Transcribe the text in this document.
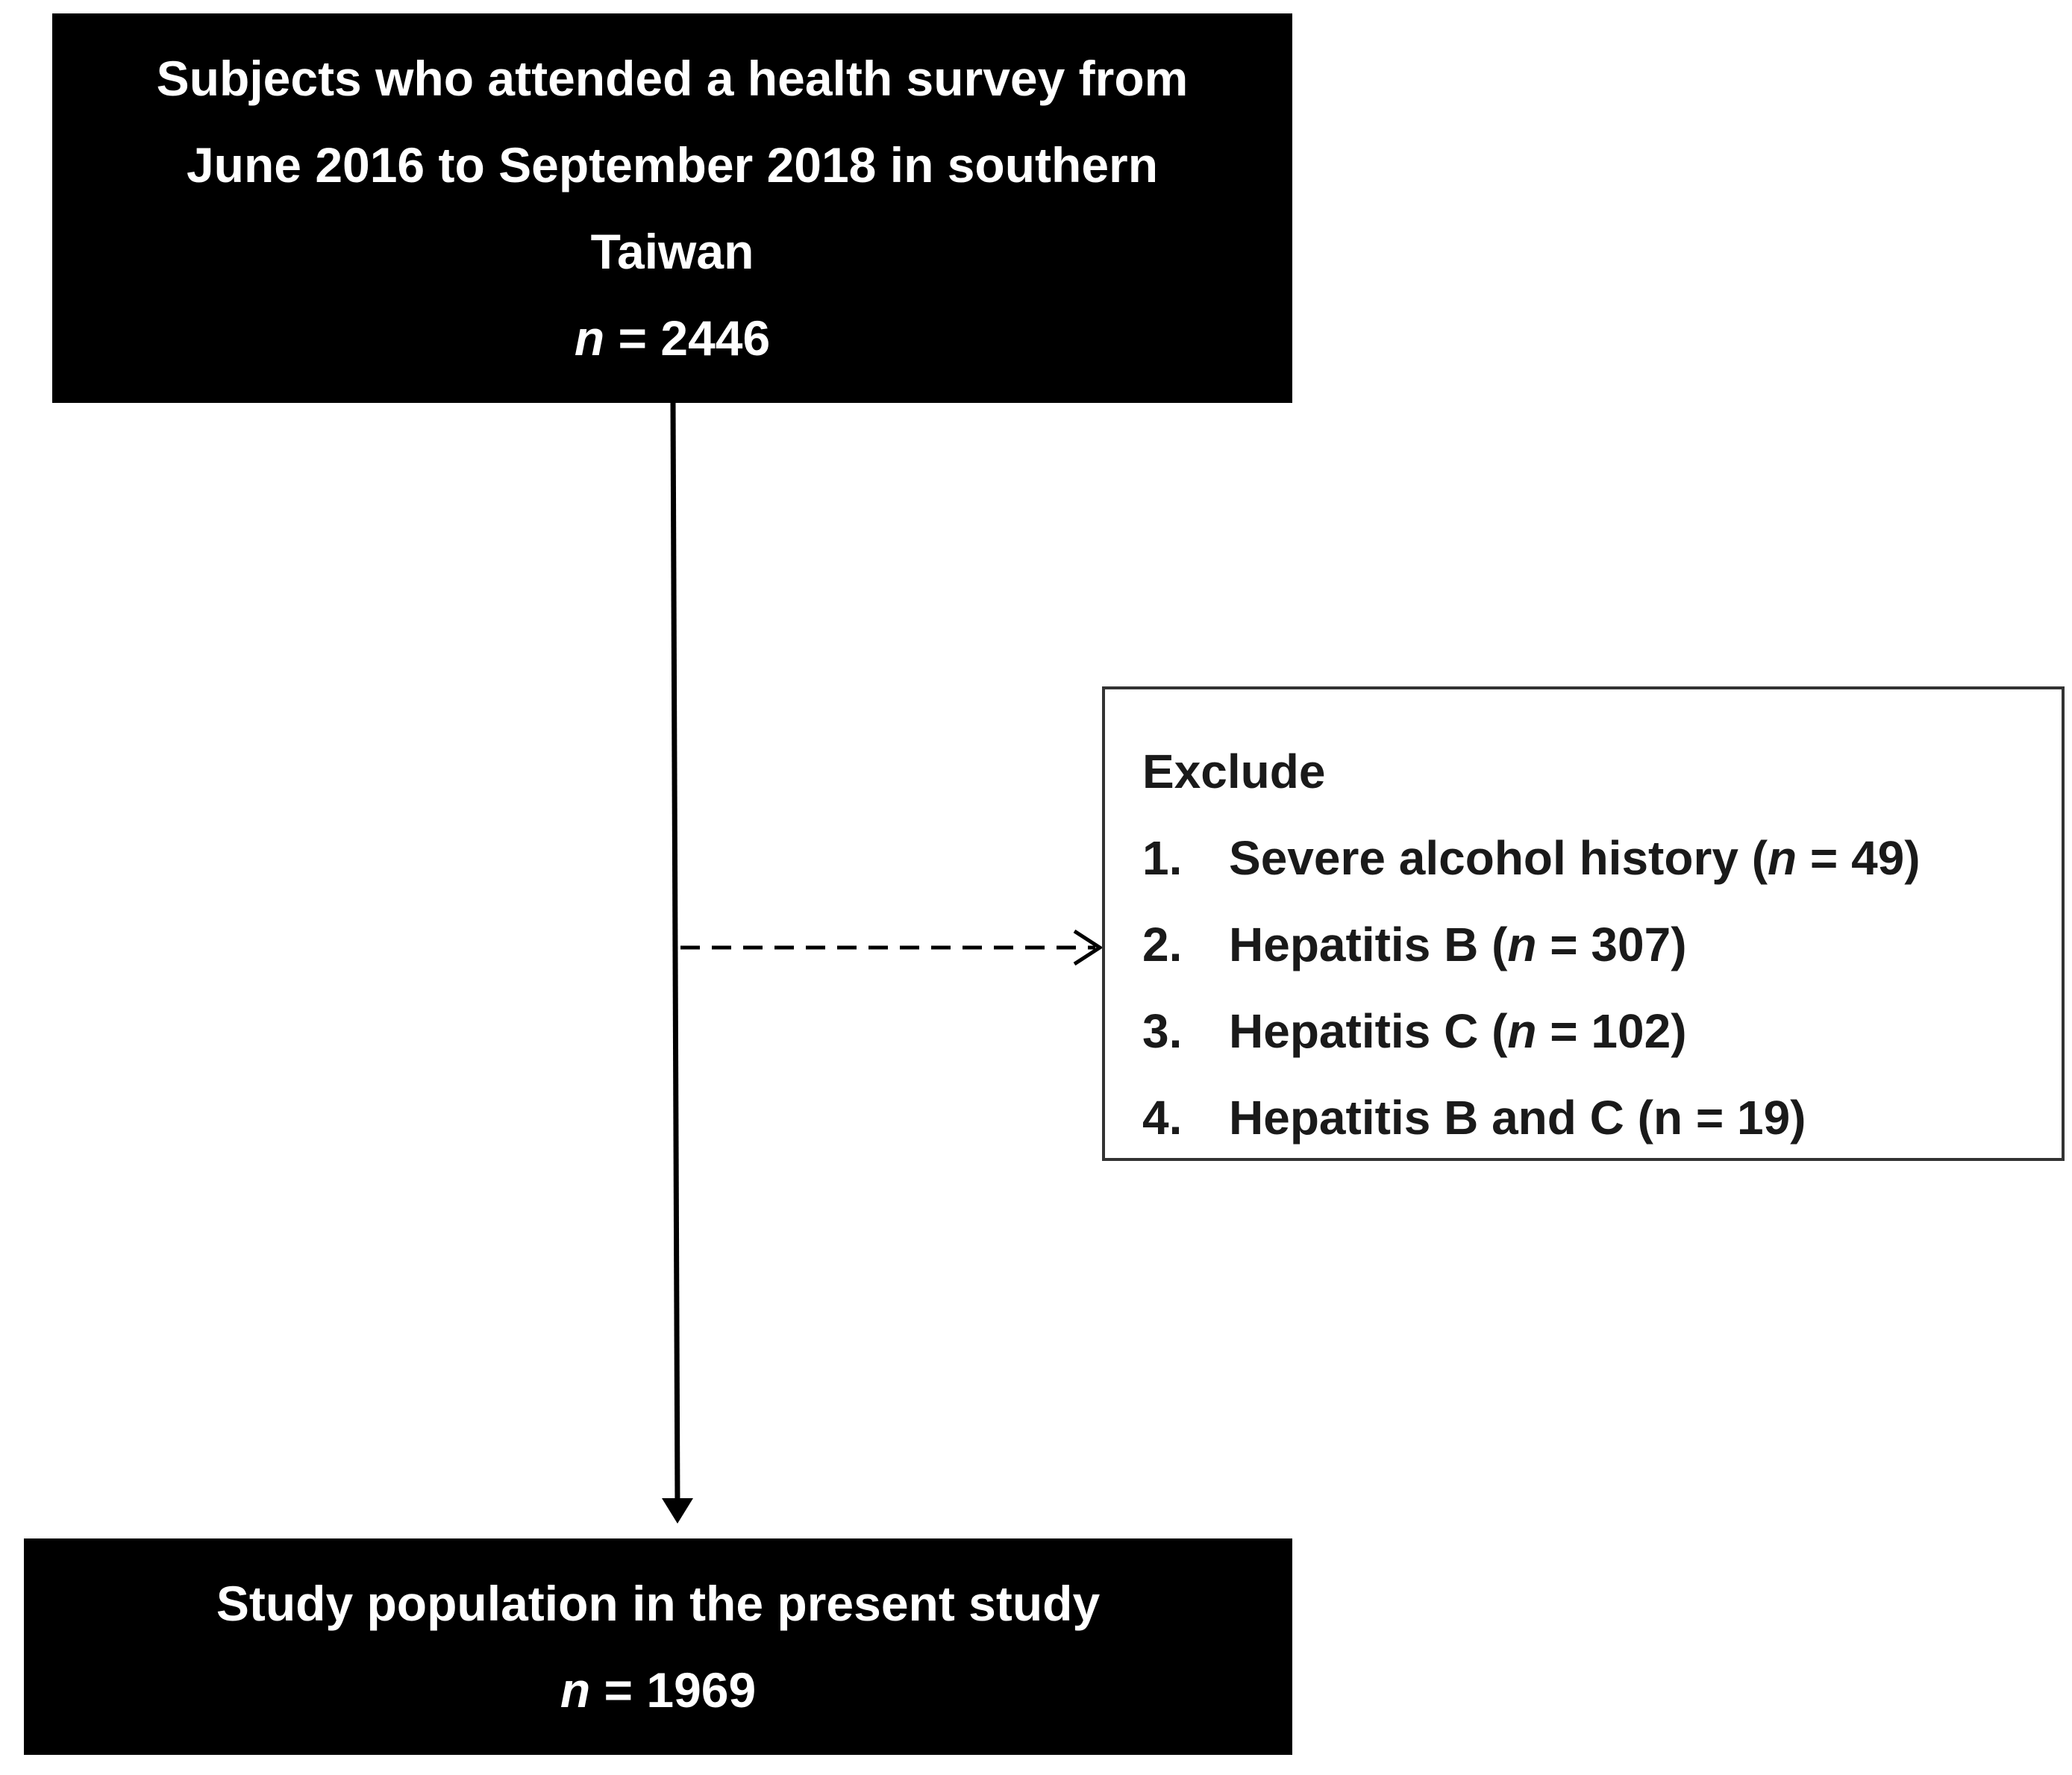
Subjects who attended a health survey from
June 2016 to September 2018 in southern
Taiwan
n = 2446
Exclude
1. Severe alcohol history (n = 49)
2. Hepatitis B (n = 307)
3. Hepatitis C (n = 102)
4. Hepatitis B and C (n = 19)
Study population in the present study
n = 1969
